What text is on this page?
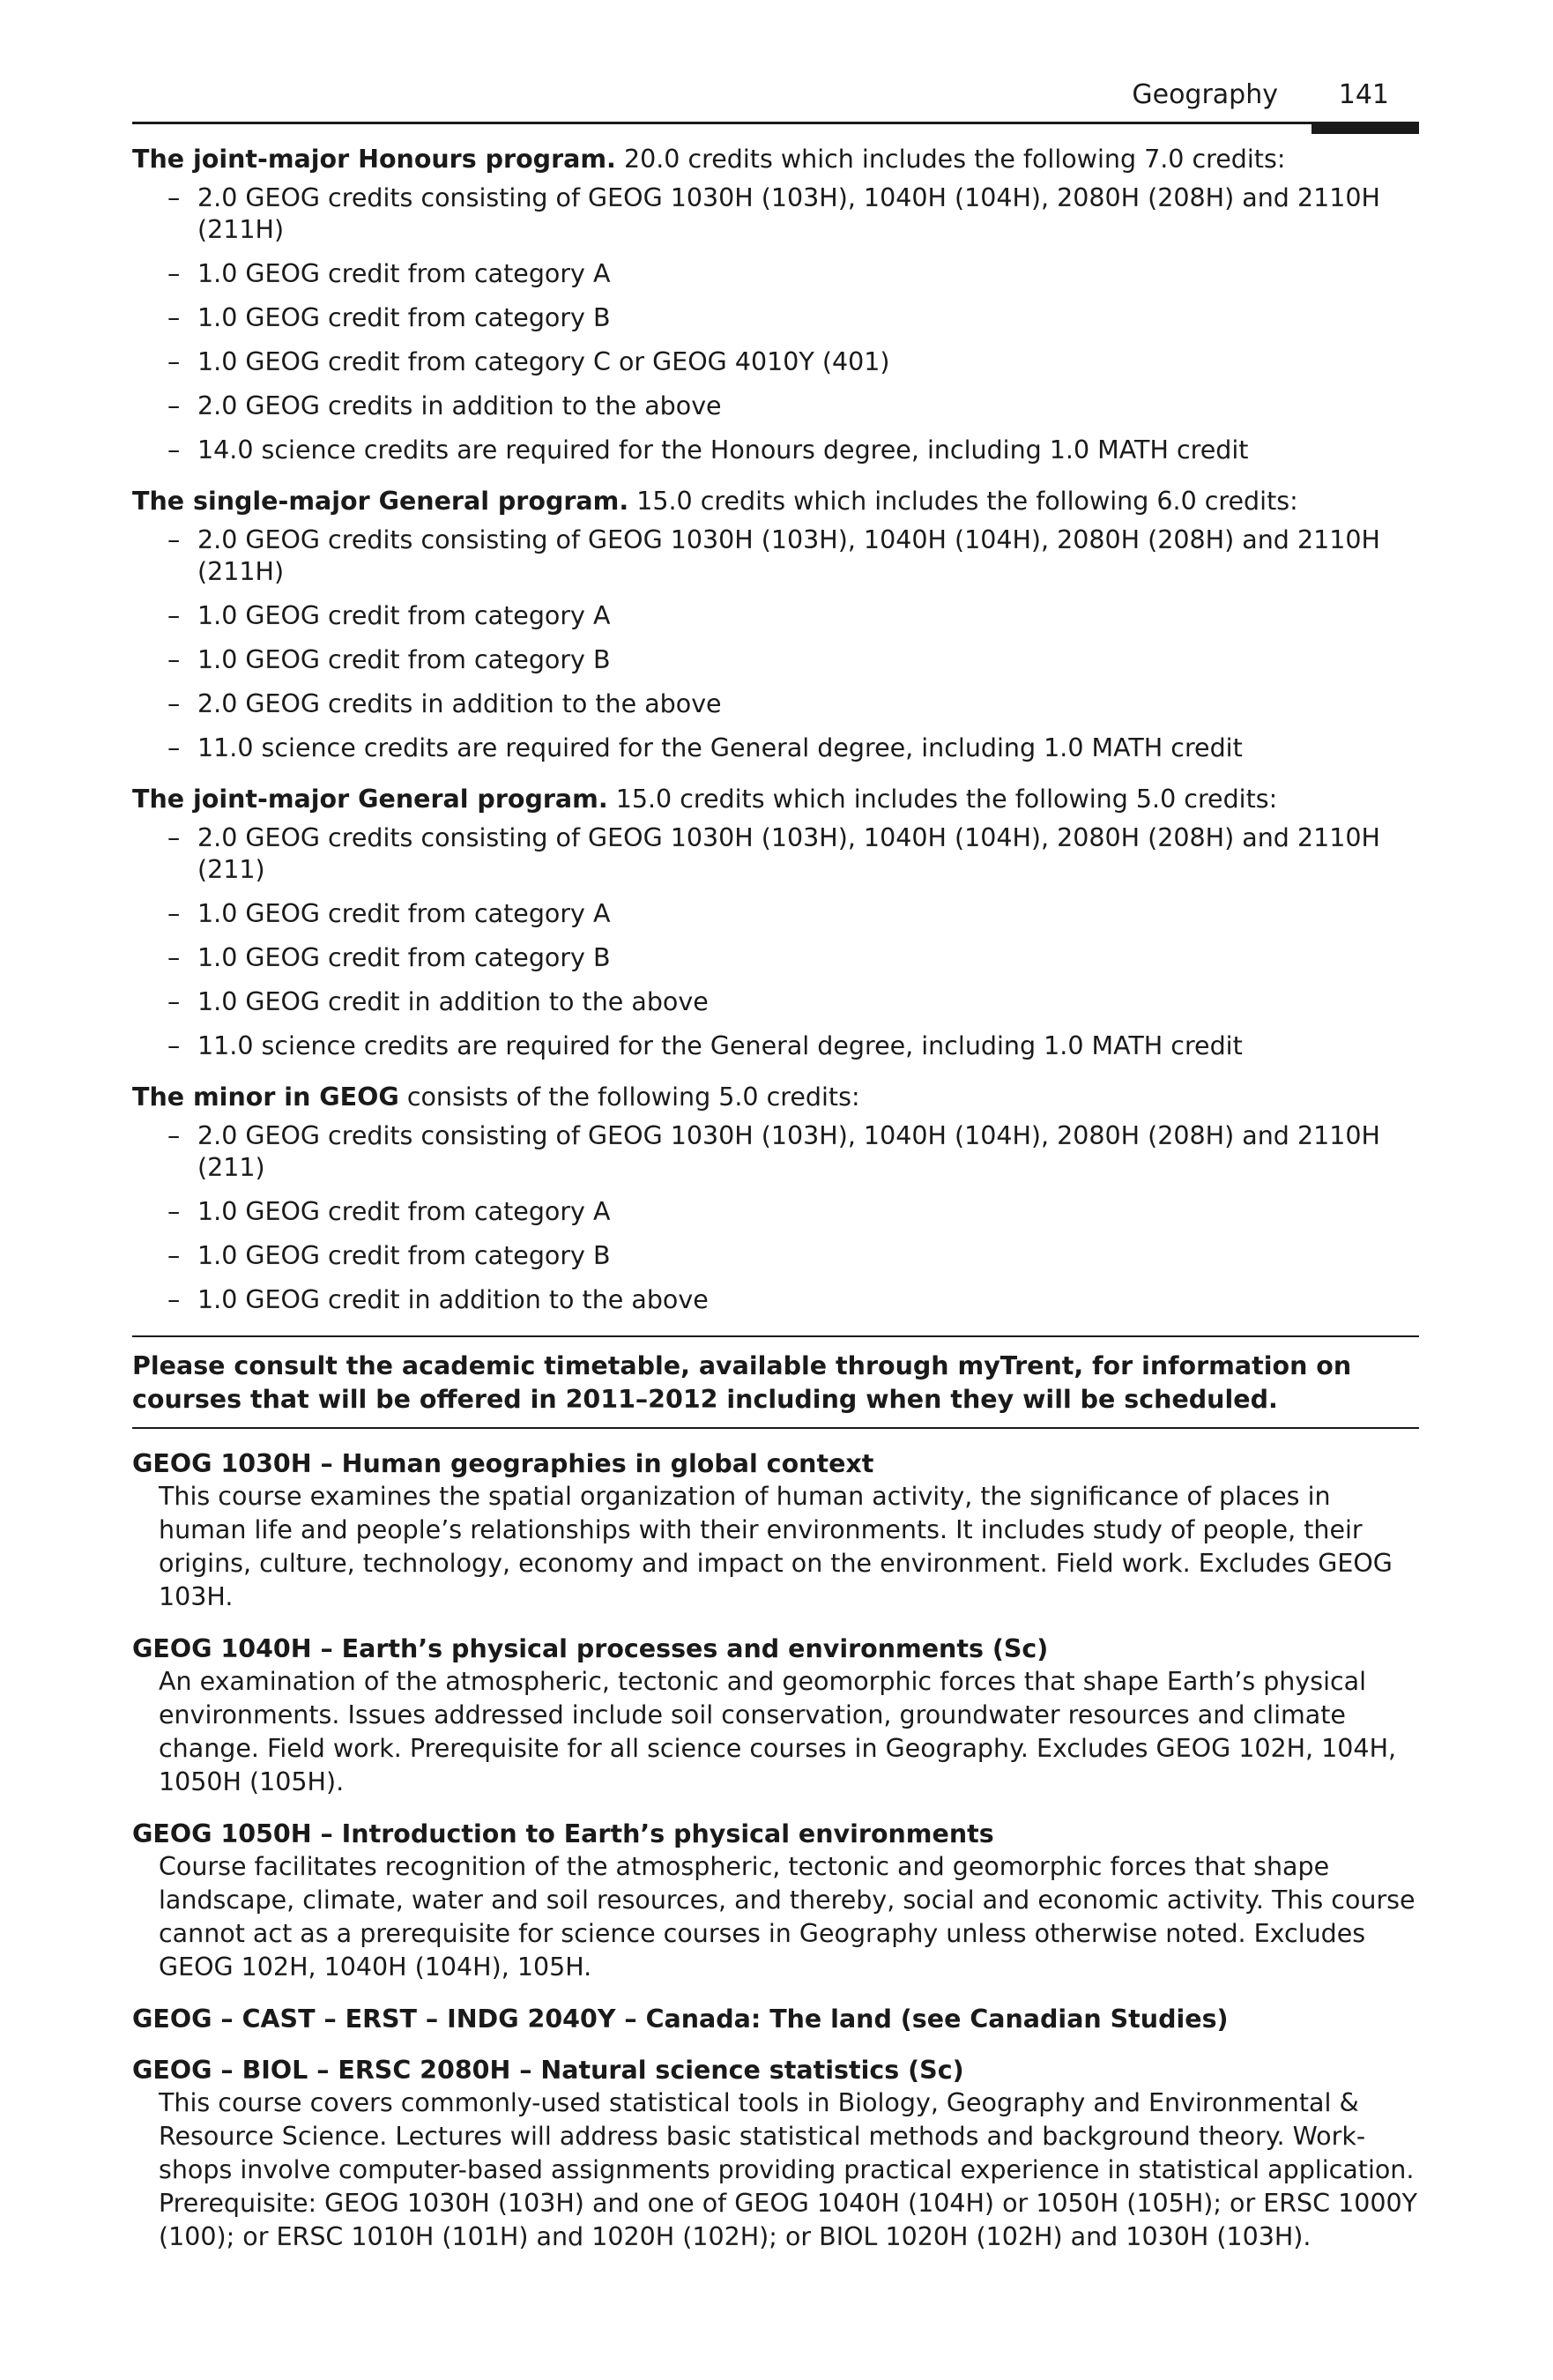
Geography 141
The joint-major Honours program. 20.0 credits which includes the following 7.0 credits:
– 2.0 GEOG credits consisting of GEOG 1030H (103H), 1040H (104H), 2080H (208H) and 2110H (211H)
– 1.0 GEOG credit from category A
– 1.0 GEOG credit from category B
– 1.0 GEOG credit from category C or GEOG 4010Y (401)
– 2.0 GEOG credits in addition to the above
– 14.0 science credits are required for the Honours degree, including 1.0 MATH credit
The single-major General program. 15.0 credits which includes the following 6.0 credits:
– 2.0 GEOG credits consisting of GEOG 1030H (103H), 1040H (104H), 2080H (208H) and 2110H (211H)
– 1.0 GEOG credit from category A
– 1.0 GEOG credit from category B
– 2.0 GEOG credits in addition to the above
– 11.0 science credits are required for the General degree, including 1.0 MATH credit
The joint-major General program. 15.0 credits which includes the following 5.0 credits:
– 2.0 GEOG credits consisting of GEOG 1030H (103H), 1040H (104H), 2080H (208H) and 2110H (211)
– 1.0 GEOG credit from category A
– 1.0 GEOG credit from category B
– 1.0 GEOG credit in addition to the above
– 11.0 science credits are required for the General degree, including 1.0 MATH credit
The minor in GEOG consists of the following 5.0 credits:
– 2.0 GEOG credits consisting of GEOG 1030H (103H), 1040H (104H), 2080H (208H) and 2110H (211)
– 1.0 GEOG credit from category A
– 1.0 GEOG credit from category B
– 1.0 GEOG credit in addition to the above
Please consult the academic timetable, available through myTrent, for information on courses that will be offered in 2011–2012 including when they will be scheduled.
GEOG 1030H – Human geographies in global context
This course examines the spatial organization of human activity, the significance of places in human life and people’s relationships with their environments. It includes study of people, their origins, culture, technology, economy and impact on the environment. Field work. Excludes GEOG 103H.
GEOG 1040H – Earth’s physical processes and environments (Sc)
An examination of the atmospheric, tectonic and geomorphic forces that shape Earth’s physical environments. Issues addressed include soil conservation, groundwater resources and climate change. Field work. Prerequisite for all science courses in Geography. Excludes GEOG 102H, 104H, 1050H (105H).
GEOG 1050H – Introduction to Earth’s physical environments
Course facilitates recognition of the atmospheric, tectonic and geomorphic forces that shape landscape, climate, water and soil resources, and thereby, social and economic activity. This course cannot act as a prerequisite for science courses in Geography unless otherwise noted. Excludes GEOG 102H, 1040H (104H), 105H.
GEOG – CAST – ERST – INDG 2040Y – Canada: The land (see Canadian Studies)
GEOG – BIOL – ERSC 2080H – Natural science statistics (Sc)
This course covers commonly-used statistical tools in Biology, Geography and Environmental & Resource Science. Lectures will address basic statistical methods and background theory. Work-shops involve computer-based assignments providing practical experience in statistical application. Prerequisite: GEOG 1030H (103H) and one of GEOG 1040H (104H) or 1050H (105H); or ERSC 1000Y (100); or ERSC 1010H (101H) and 1020H (102H); or BIOL 1020H (102H) and 1030H (103H).
